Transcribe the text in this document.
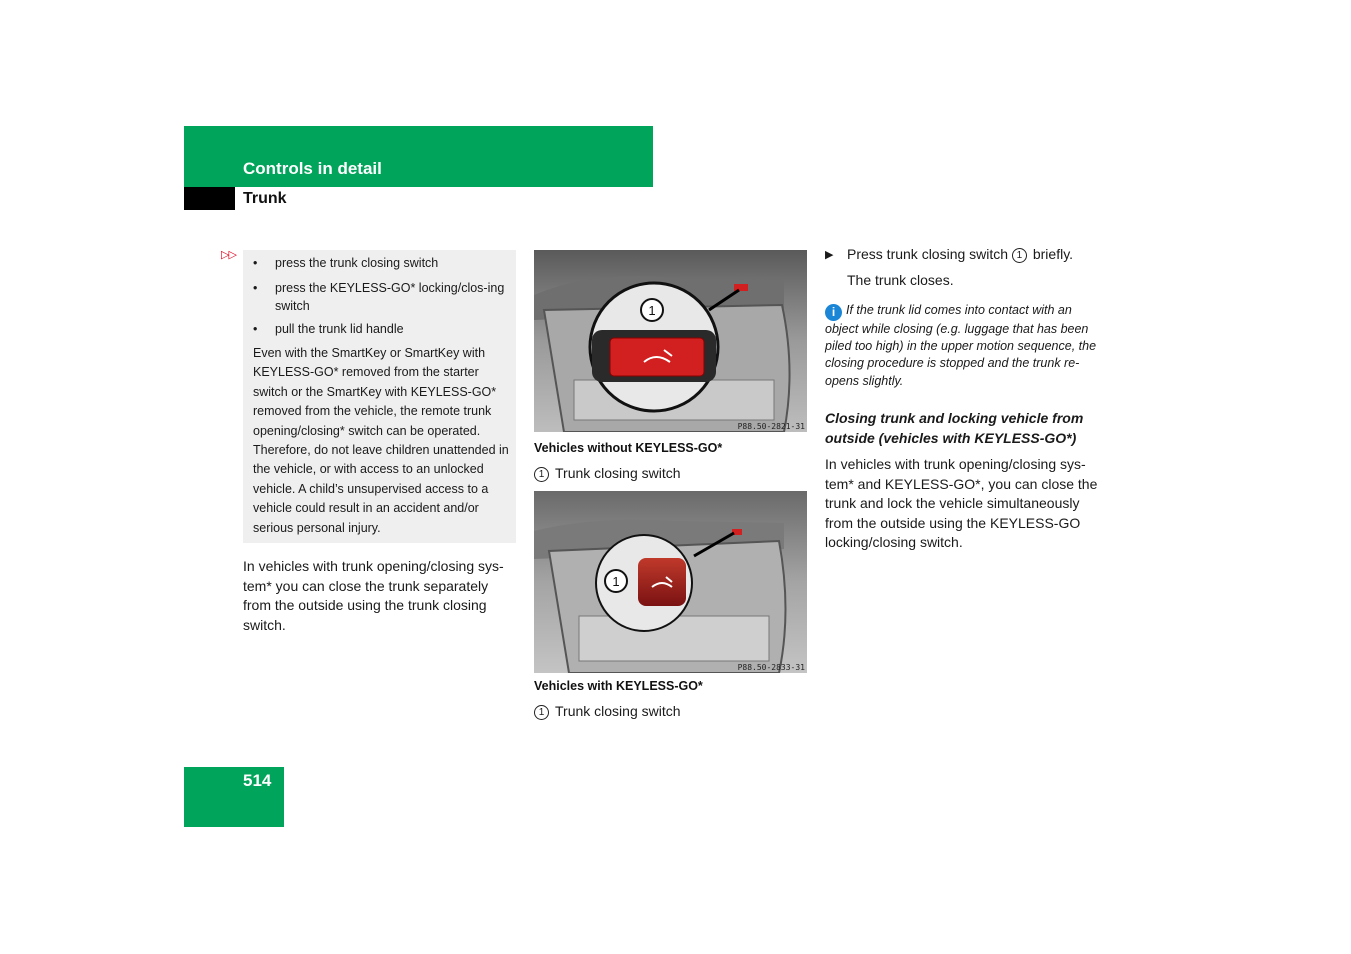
Controls in detail
Trunk
▷▷
• press the trunk closing switch
• press the KEYLESS-GO* locking/clos-ing switch
• pull the trunk lid handle
Even with the SmartKey or SmartKey with KEYLESS-GO* removed from the starter switch or the SmartKey with KEYLESS-GO* removed from the vehicle, the remote trunk opening/closing* switch can be operated. Therefore, do not leave children unattended in the vehicle, or with access to an unlocked vehicle. A child’s unsupervised access to a vehicle could result in an accident and/or serious personal injury.
In vehicles with trunk opening/closing sys-tem* you can close the trunk separately from the outside using the trunk closing switch.
1
P88.50-2821-31
Vehicles without KEYLESS-GO*
1 Trunk closing switch
1
P88.50-2833-31
Vehicles with KEYLESS-GO*
1 Trunk closing switch
▶ Press trunk closing switch 1 briefly.
The trunk closes.
i If the trunk lid comes into contact with an object while closing (e.g. luggage that has been piled too high) in the upper motion sequence, the closing procedure is stopped and the trunk re-opens slightly.
Closing trunk and locking vehicle from outside (vehicles with KEYLESS-GO*)
In vehicles with trunk opening/closing sys-tem* and KEYLESS-GO*, you can close the trunk and lock the vehicle simultaneously from the outside using the KEYLESS-GO locking/closing switch.
514
